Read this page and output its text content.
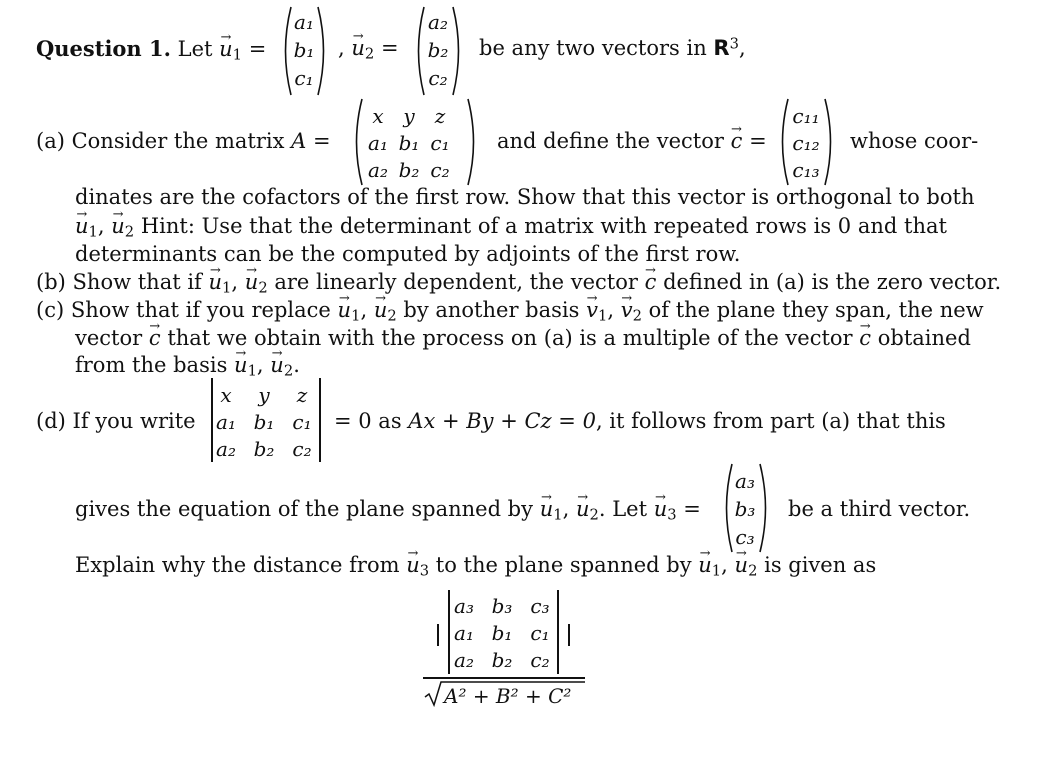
Question 1. Let → $u_1$ =
a₁
b₁
c₁
, → $u_2$ =
a₂
b₂
c₂
be any two vectors in $R^3$,
(a) Consider the matrix A =
x y	z
a₁ b₁ c₁
a₂ b₂ c₂
and define the vector → c =
c₁₁
c₁₂
c₁₃
whose coor-
dinates are the cofactors of the first row. Show that this vector is orthogonal to both
→ $u_1$, → $u_2$ Hint: Use that the determinant of a matrix with repeated rows is 0 and that
determinants can be the computed by adjoints of the first row.
(b) Show that if → $u_1$, → $u_2$ are linearly dependent, the vector → c defined in (a) is the zero vector.
(c) Show that if you replace → $u_1$, → $u_2$ by another basis → $v_1$, → $v_2$ of the plane they span, the new
vector → c that we obtain with the process on (a) is a multiple of the vector → c obtained
from the basis → $u_1$, → $u_2$.
(d) If you write
x	y	z
a₁ b₁ c₁
a₂ b₂ c₂
= 0 as Ax + By + Cz = 0, it follows from part (a) that this
gives the equation of the plane spanned by → $u_1$, → $u_2$. Let → $u_3$ =
a₃
b₃
c₃
be a third vector.
Explain why the distance from → $u_3$ to the plane spanned by → $u_1$, → $u_2$ is given as
a₃ b₃ c₃
a₁ b₁ c₁
a₂ b₂ c₂
A² + B² + C²
